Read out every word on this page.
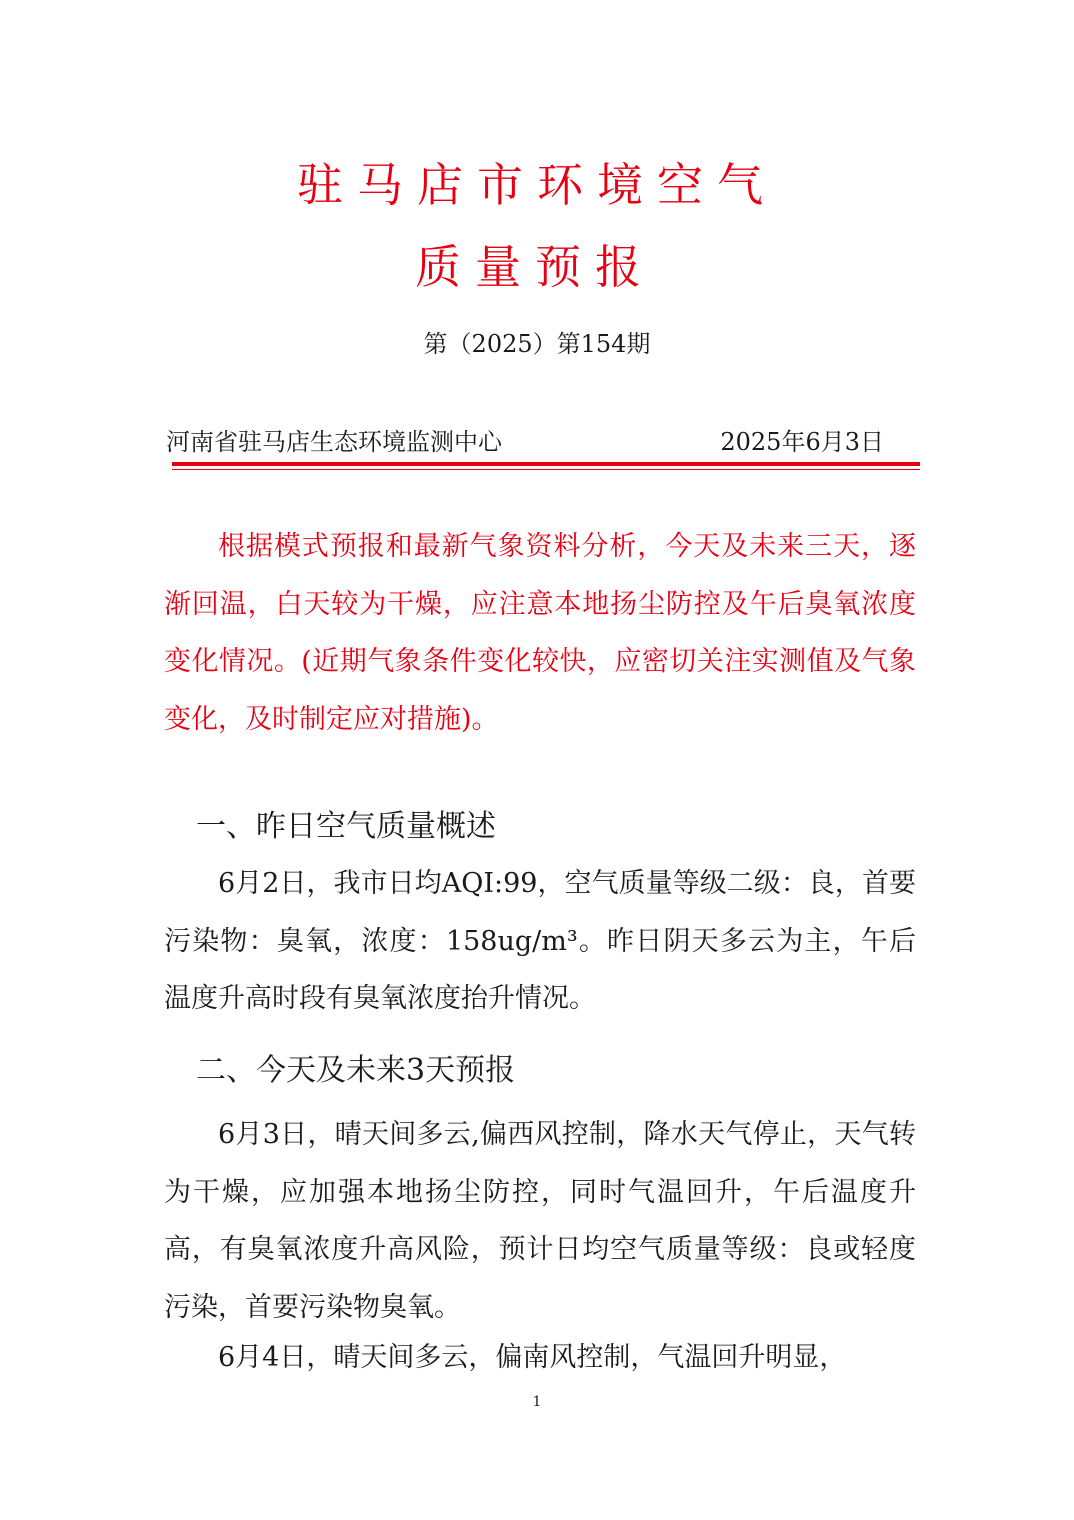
驻马店市环境空气
质量预报
第（2025）第154期
河南省驻马店生态环境监测中心	2025年6月3日

根据模式预报和最新气象资料分析，今天及未来三天，逐渐回温，白天较为干燥，应注意本地扬尘防控及午后臭氧浓度变化情况。(近期气象条件变化较快，应密切关注实测值及气象变化，及时制定应对措施)。

一、昨日空气质量概述

6月2日，我市日均AQI:99，空气质量等级二级：良，首要污染物：臭氧，浓度：158ug/m³。昨日阴天多云为主，午后温度升高时段有臭氧浓度抬升情况。

二、今天及未来3天预报

6月3日，晴天间多云,偏西风控制，降水天气停止，天气转为干燥，应加强本地扬尘防控，同时气温回升，午后温度升高，有臭氧浓度升高风险，预计日均空气质量等级：良或轻度污染，首要污染物臭氧。

6月4日，晴天间多云，偏南风控制，气温回升明显，

1
